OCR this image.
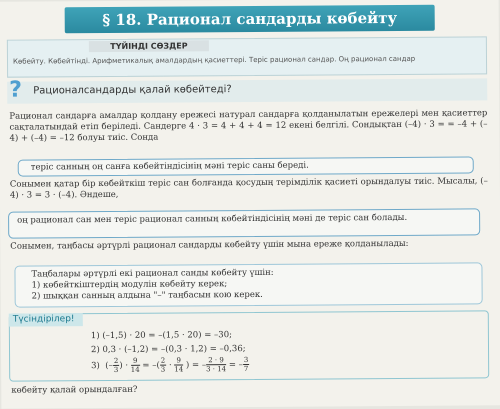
§ 18. Рационал сандарды көбейту
ТҮЙІНДІ СӨЗДЕР
Көбейту. Көбейтінді. Арифметикалық амалдардың қасиеттері. Теріс рационал сандар. Оң рационал сандар
?	Рационалсандарды қалай көбейтеді?
Рационал сандарға амалдар қолдану ережесі натурал сандарға қолданылатын ережелері мен қасиеттер сақталатындай етіп беріледі. Сандерге 4 · 3 = 4 + 4 + 4 = 12 екені белгілі. Сондықтан (–4) · 3 = = –4 + (–4) + (–4) = –12 болуы тиіс. Сонда
теріс санның оң санға көбейтіндісінің мәні теріс саны береді.
Сонымен қатар бір көбейткіш теріс сан болғанда қосудың терімділік қасиеті орындалуы тиіс. Мысалы, (–4) · 3 = 3 · (–4). Әндеше,
оң рационал сан мен теріс рационал санның көбейтіндісінің мәні де теріс сан болады.
Сонымен, таңбасы әртүрлі рационал сандарды көбейту үшін мына ереже қолданылады:
Таңбалары әртүрлі екі рационал санды көбейту үшін:
1) көбейткіштердің модулін көбейту керек;
2) шыққан санның алдына "–" таңбасын кою керек.
Түсіндірілер!
1) (–1,5) · 20 = –(1,5 · 20) = –30;
2) 0,3 · (–1,2) = –(0,3 · 1,2) = –0,36;
3)  (– $\frac{2}{3}$ ) · $\frac{9}{14}$ = –( $\frac{2}{3} \cdot \frac{9}{14}$ ) = – $\frac{2 \cdot 9}{3 \cdot 14}$ = – $\frac{3}{7}$
көбейту қалай орындалған?
